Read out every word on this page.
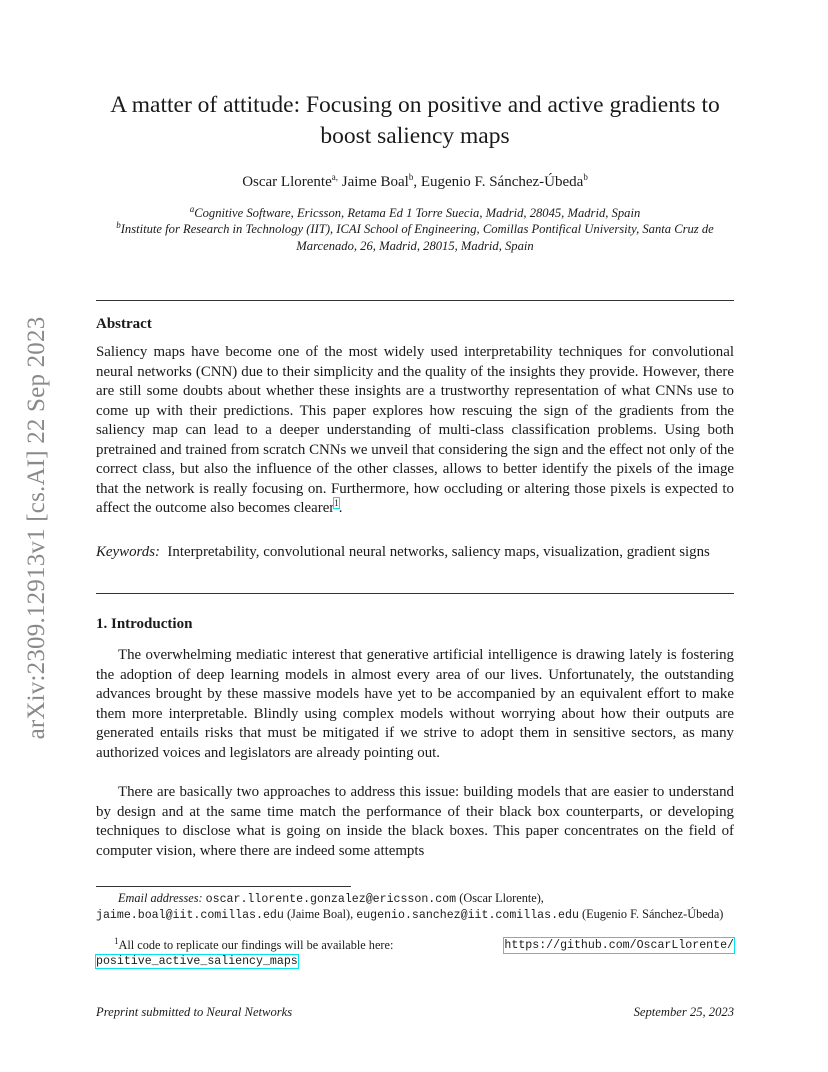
arXiv:2309.12913v1 [cs.AI] 22 Sep 2023
A matter of attitude: Focusing on positive and active gradients to boost saliency maps
Oscar Llorente$^{a,}$ Jaime Boal$^b$, Eugenio F. Sánchez-Úbeda$^b$
$^a$Cognitive Software, Ericsson, Retama Ed 1 Torre Suecia, Madrid, 28045, Madrid, Spain
$^b$Institute for Research in Technology (IIT), ICAI School of Engineering, Comillas Pontifical University, Santa Cruz de Marcenado, 26, Madrid, 28015, Madrid, Spain
Abstract
Saliency maps have become one of the most widely used interpretability techniques for convolutional neural networks (CNN) due to their simplicity and the quality of the insights they provide. However, there are still some doubts about whether these insights are a trustworthy representation of what CNNs use to come up with their predictions. This paper explores how rescuing the sign of the gradients from the saliency map can lead to a deeper understanding of multi-class classification problems. Using both pretrained and trained from scratch CNNs we unveil that considering the sign and the effect not only of the correct class, but also the influence of the other classes, allows to better identify the pixels of the image that the network is really focusing on. Furthermore, how occluding or altering those pixels is expected to affect the outcome also becomes clearer$^1$.
Keywords: Interpretability, convolutional neural networks, saliency maps, visualization, gradient signs
1. Introduction
The overwhelming mediatic interest that generative artificial intelligence is drawing lately is fostering the adoption of deep learning models in almost every area of our lives. Unfortunately, the outstanding advances brought by these massive models have yet to be accompanied by an equivalent effort to make them more interpretable. Blindly using complex models without worrying about how their outputs are generated entails risks that must be mitigated if we strive to adopt them in sensitive sectors, as many authorized voices and legislators are already pointing out.
There are basically two approaches to address this issue: building models that are easier to understand by design and at the same time match the performance of their black box counterparts, or developing techniques to disclose what is going on inside the black boxes. This paper concentrates on the field of computer vision, where there are indeed some attempts
Email addresses: oscar.llorente.gonzalez@ericsson.com (Oscar Llorente),
jaime.boal@iit.comillas.edu (Jaime Boal), eugenio.sanchez@iit.comillas.edu (Eugenio F. Sánchez-Úbeda)
$^1$All code to replicate our findings will be available here:	https://github.com/OscarLlorente/

positive_active_saliency_maps
Preprint submitted to Neural Networks	September 25, 2023
